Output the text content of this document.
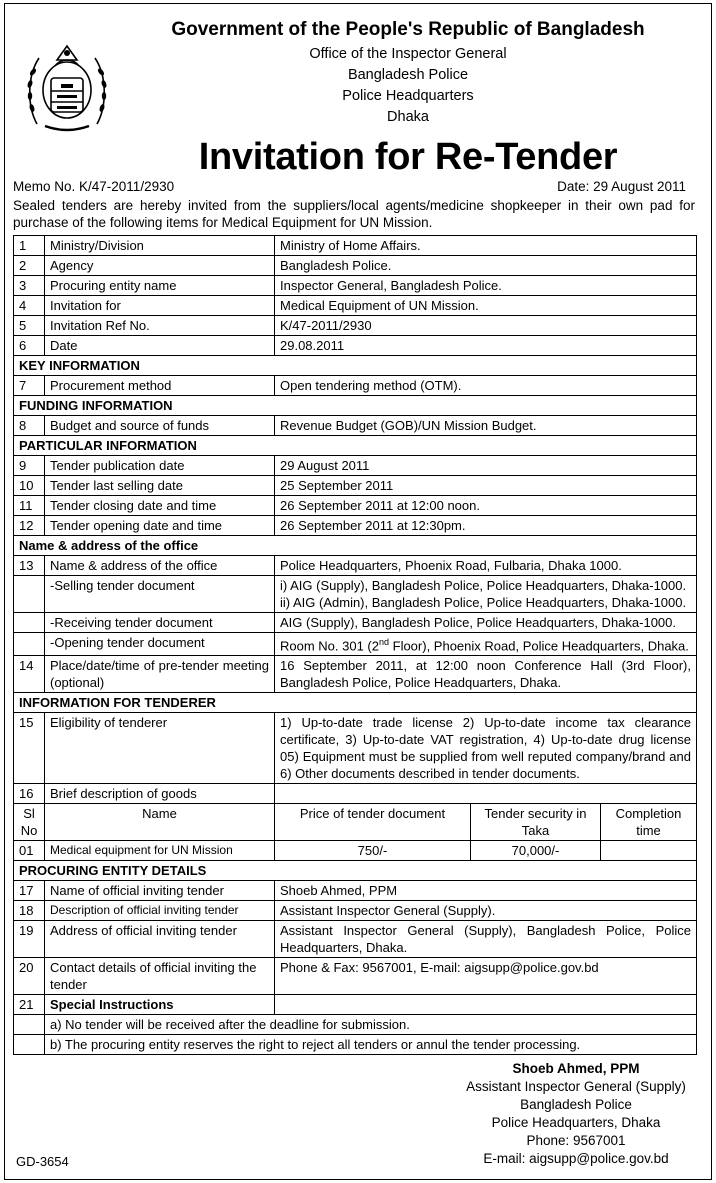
Government of the People's Republic of Bangladesh
Office of the Inspector General
Bangladesh Police
Police Headquarters
Dhaka
Invitation for Re-Tender
Memo No. K/47-2011/2930	Date: 29 August 2011
Sealed tenders are hereby invited from the suppliers/local agents/medicine shopkeeper in their own pad for purchase of the following items for Medical Equipment for UN Mission.
1	Ministry/Division	Ministry of Home Affairs.		
2	Agency	Bangladesh Police.		
3	Procuring entity name	Inspector General, Bangladesh Police.		
4	Invitation for	Medical Equipment of UN Mission.		
5	Invitation Ref No.	K/47-2011/2930		
6	Date	29.08.2011		
KEY INFORMATION				
7	Procurement method	Open tendering method (OTM).		
FUNDING INFORMATION				
8	Budget and source of funds	Revenue Budget (GOB)/UN Mission Budget.		
PARTICULAR INFORMATION				
9	Tender publication date	29 August 2011		
10	Tender last selling date	25 September 2011		
11	Tender closing date and time	26 September 2011 at 12:00 noon.		
12	Tender opening date and time	26 September 2011 at 12:30pm.		
Name & address of the office				
13	Name & address of the office	Police Headquarters, Phoenix Road, Fulbaria, Dhaka 1000.		
	-Selling tender document	i) AIG (Supply), Bangladesh Police, Police Headquarters, Dhaka-1000.
ii) AIG (Admin), Bangladesh Police, Police Headquarters, Dhaka-1000.		

	-Receiving tender document	AIG (Supply), Bangladesh Police, Police Headquarters, Dhaka-1000.		
	-Opening tender document	Room No. 301 (2nd Floor), Phoenix Road, Police Headquarters, Dhaka.		
14	Place/date/time of pre-tender meeting (optional)	16 September 2011, at 12:00 noon Conference Hall (3rd Floor), Bangladesh Police, Police Headquarters, Dhaka.		
INFORMATION FOR TENDERER				
15	Eligibility of tenderer	1) Up-to-date trade license 2) Up-to-date income tax clearance certificate, 3) Up-to-date VAT registration, 4) Up-to-date drug license 05) Equipment must be supplied from well reputed company/brand and 6) Other documents described in tender documents.		
16	Brief description of goods			
Sl No	Name	Price of tender document	Tender security in Taka	Completion time
01	Medical equipment for UN Mission	750/-	70,000/-	
PROCURING ENTITY DETAILS				
17	Name of official inviting tender	Shoeb Ahmed, PPM		
18	Description of official inviting tender	Assistant Inspector General (Supply).		
19	Address of official inviting tender	Assistant Inspector General (Supply), Bangladesh Police, Police Headquarters, Dhaka.		
20	Contact details of official inviting the tender	Phone & Fax: 9567001, E-mail: aigsupp@police.gov.bd		
21	Special Instructions			
	a) No tender will be received after the deadline for submission.			
	b) The procuring entity reserves the right to reject all tenders or annul the tender processing.			
Shoeb Ahmed, PPM
Assistant Inspector General (Supply)
Bangladesh Police
Police Headquarters, Dhaka
Phone: 9567001
E-mail: aigsupp@police.gov.bd
GD-3654
